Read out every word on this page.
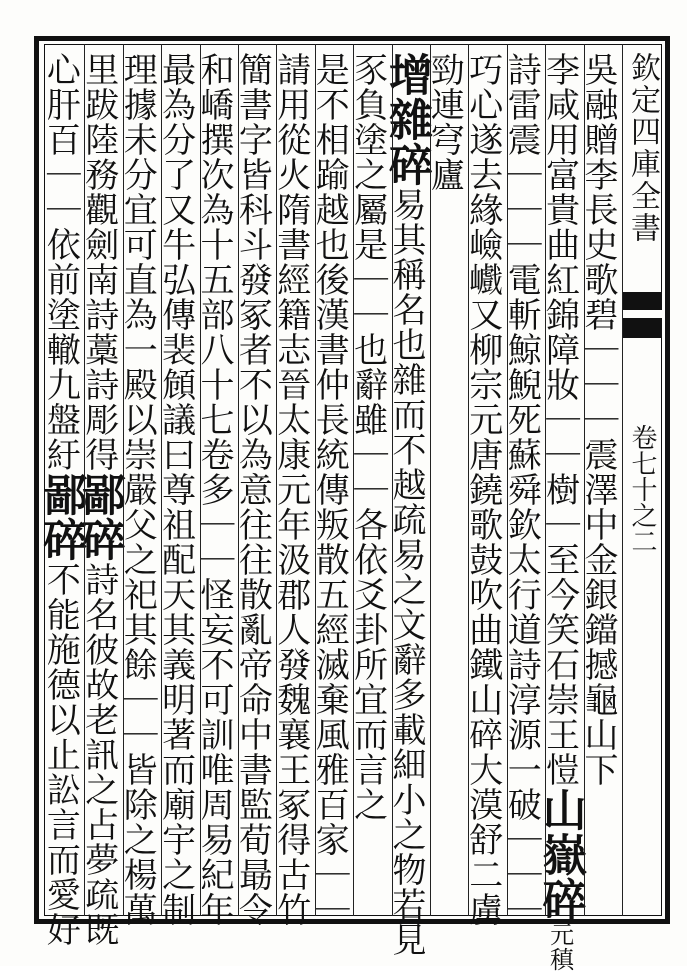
欽定四庫全書
卷七十之二
吳融贈李長史歌碧｜｜｜震澤中金銀鐺撼龜山下
李咸用富貴曲紅錦障妝｜｜樹｜至今笑石崇王愷山嶽碎元稹
詩雷震｜｜｜電斬鯨鯢死蘇舜欽太行道詩淳源一破｜｜｜
巧心遂去緣嶮巇又柳宗元唐鐃歌鼓吹曲鐵山碎大漠舒二虜
勁連穹廬
增雜碎易其稱名也雜而不越疏易之文辭多載細小之物若見
豕負塗之屬是｜｜也辭雖｜｜各依爻卦所宜而言之
是不相踰越也後漢書仲長統傳叛散五經滅棄風雅百家｜｜
請用從火隋書經籍志晉太康元年汲郡人發魏襄王冢得古竹
簡書字皆科斗發冢者不以為意往往散亂帝命中書監荀朂令
和嶠撰次為十五部八十七卷多｜｜怪妄不可訓唯周易紀年
最為分了又牛弘傳裴頠議曰尊祖配天其義明著而廟宇之制
理據未分宜可直為一殿以崇嚴父之祀其餘｜｜皆除之楊萬
里跋陸務觀劍南詩藁詩彫得鄙碎詩名彼故老訊之占夢疏既
心肝百｜｜依前塗轍九盤紆鄙碎不能施德以止訟言而愛好
